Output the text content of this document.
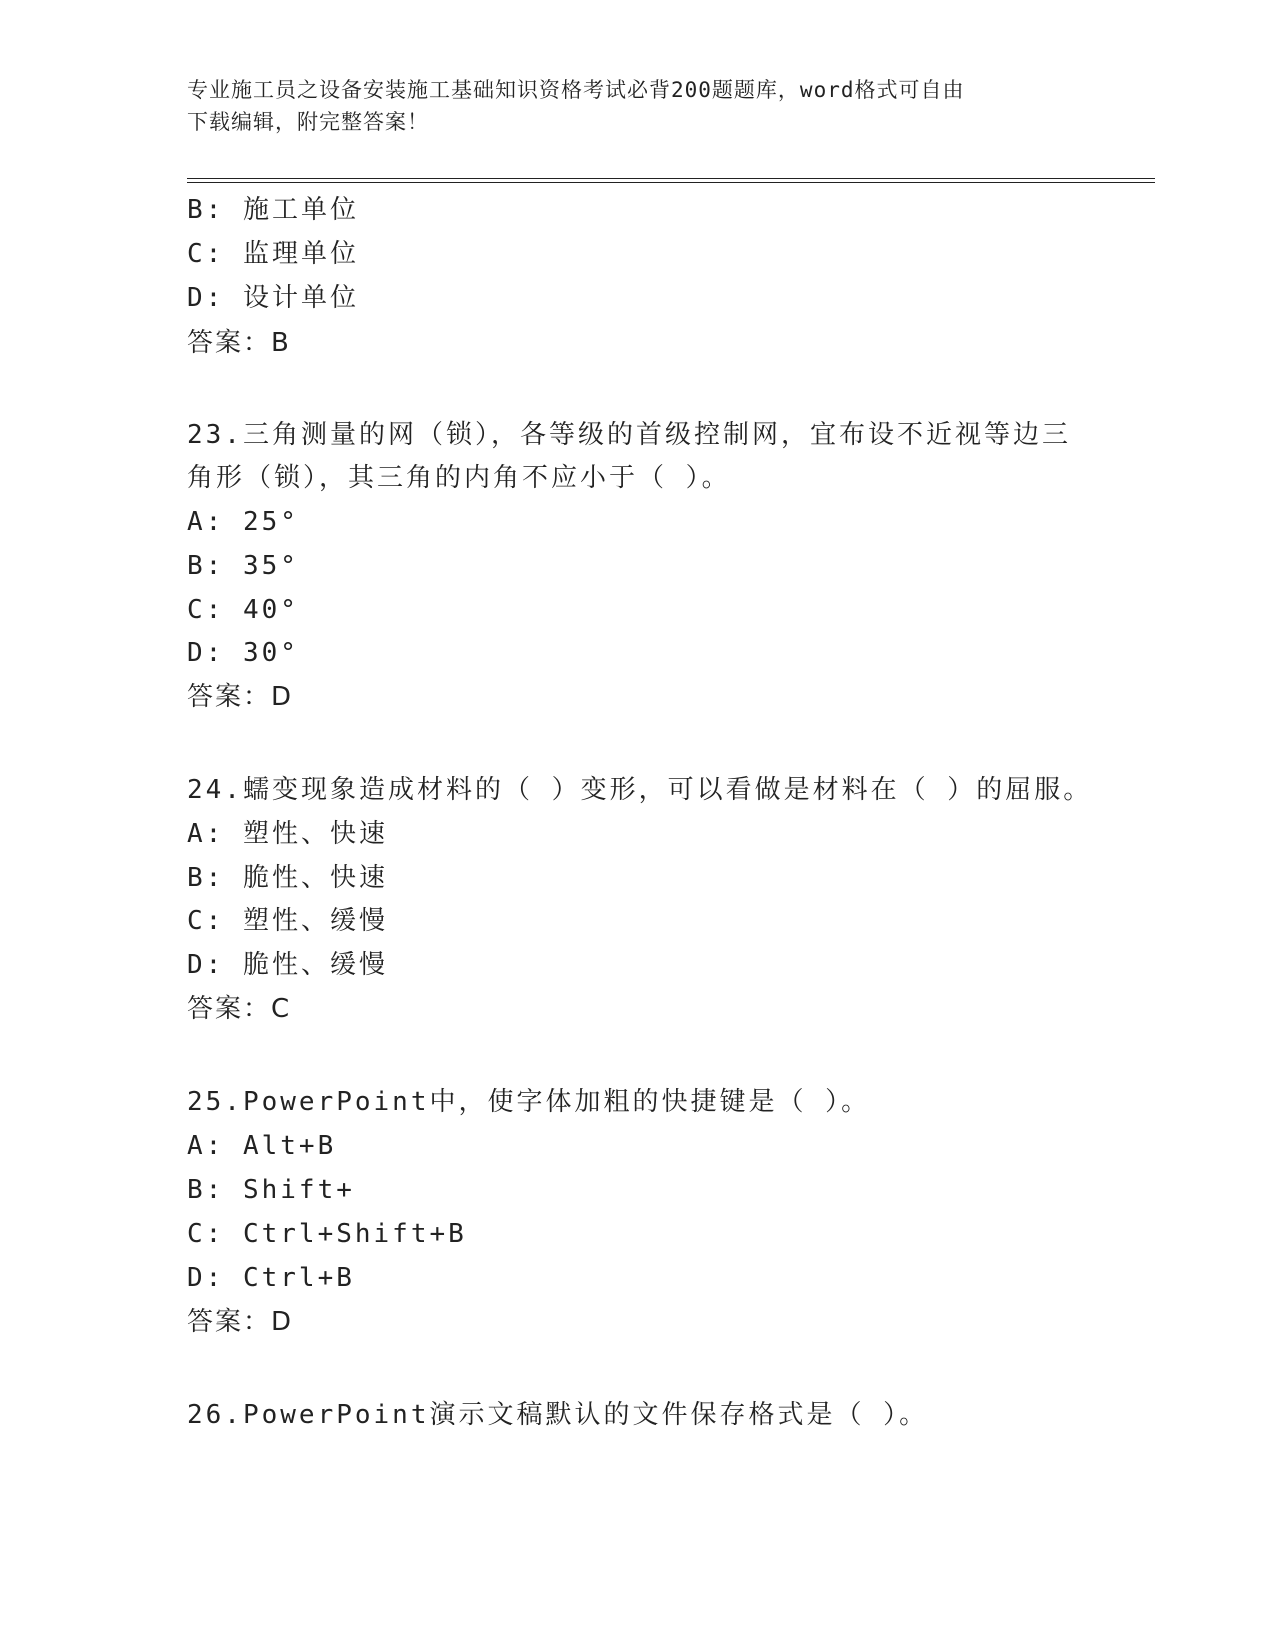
专业施工员之设备安装施工基础知识资格考试必背200题题库，word格式可自由
下载编辑，附完整答案！
B: 施工单位
C: 监理单位
D: 设计单位
答案：B
23.三角测量的网（锁），各等级的首级控制网，宜布设不近视等边三
角形（锁），其三角的内角不应小于（ ）。
A: 25°
B: 35°
C: 40°
D: 30°
答案：D
24.蠕变现象造成材料的（ ）变形，可以看做是材料在（ ）的屈服。
A: 塑性、快速
B: 脆性、快速
C: 塑性、缓慢
D: 脆性、缓慢
答案：C
25.PowerPoint中，使字体加粗的快捷键是（ ）。
A: Alt+B
B: Shift+
C: Ctrl+Shift+B
D: Ctrl+B
答案：D
26.PowerPoint演示文稿默认的文件保存格式是（ ）。
